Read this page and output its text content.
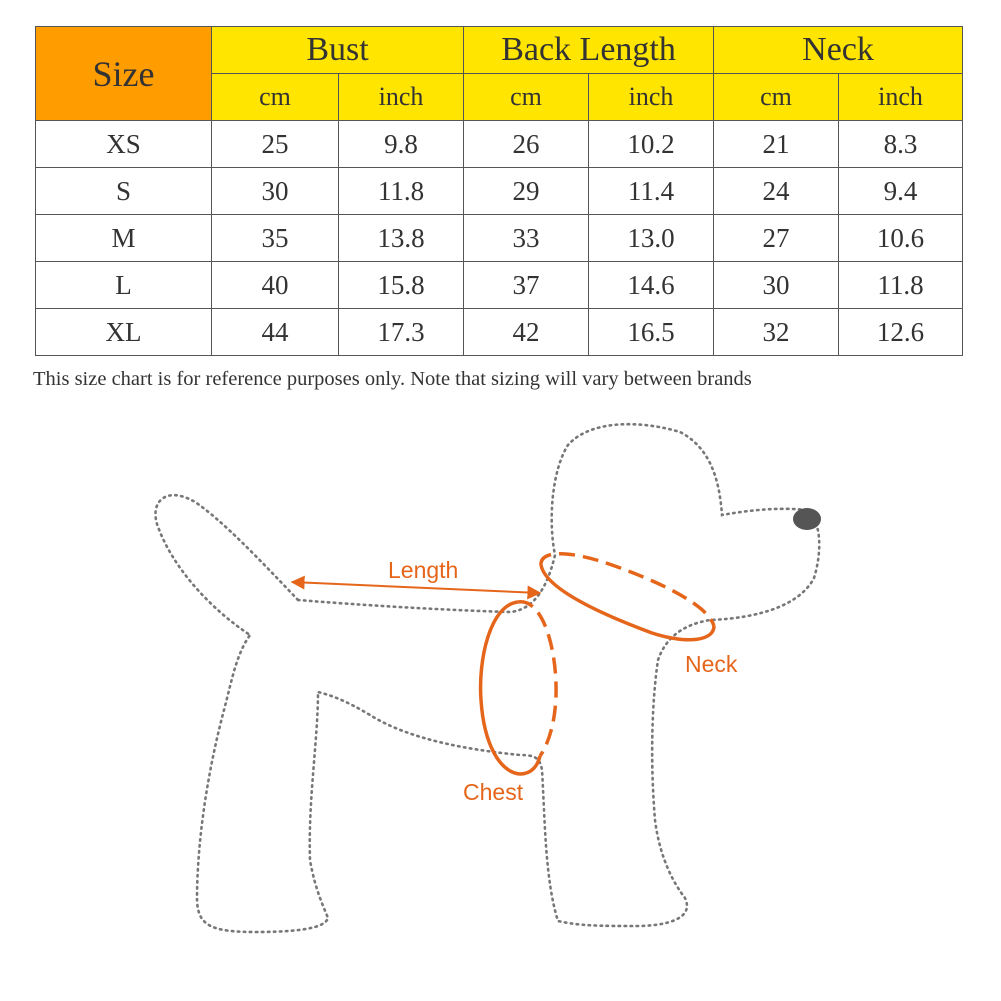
Size	Bust		Back Length		Neck	
	cm	inch	cm	inch	cm	inch
XS	25	9.8	26	10.2	21	8.3
S	30	11.8	29	11.4	24	9.4
M	35	13.8	33	13.0	27	10.6
L	40	15.8	37	14.6	30	11.8
XL	44	17.3	42	16.5	32	12.6
This size chart is for reference purposes only. Note that sizing will vary between brands
Length
Neck
Chest
